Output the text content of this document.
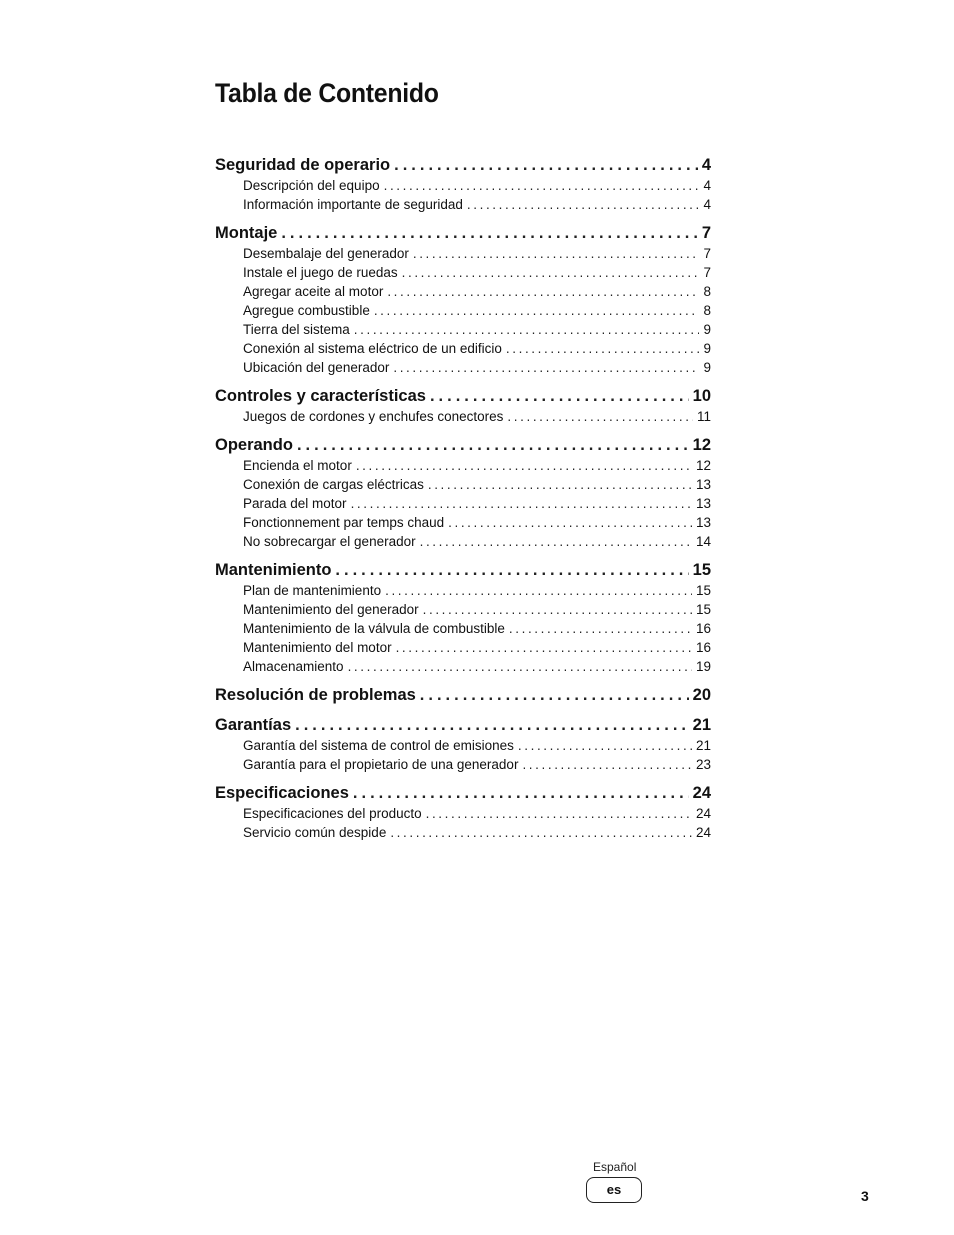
Tabla de Contenido
Seguridad de operario .....	4
Descripción del equipo .....	4
Información importante de seguridad .....	4
Montaje .....	7
Desembalaje del generador .....	7
Instale el juego de ruedas .....	7
Agregar aceite al motor .....	8
Agregue combustible .....	8
Tierra del sistema .....	9
Conexión al sistema eléctrico de un edificio .....	9
Ubicación del generador .....	9
Controles y características .....	10
Juegos de cordones y enchufes conectores .....	11
Operando .....	12
Encienda el motor .....	12
Conexión de cargas eléctricas .....	13
Parada del motor .....	13
Fonctionnement par temps chaud .....	13
No sobrecargar el generador .....	14
Mantenimiento .....	15
Plan de mantenimiento .....	15
Mantenimiento del generador .....	15
Mantenimiento de la válvula de combustible .....	16
Mantenimiento del motor .....	16
Almacenamiento .....	19
Resolución de problemas .....	20
Garantías .....	21
Garantía del sistema de control de emisiones .....	21
Garantía para el propietario de una generador .....	23
Especificaciones .....	24
Especificaciones del producto .....	24
Servicio común despide .....	24
Español
es	3
